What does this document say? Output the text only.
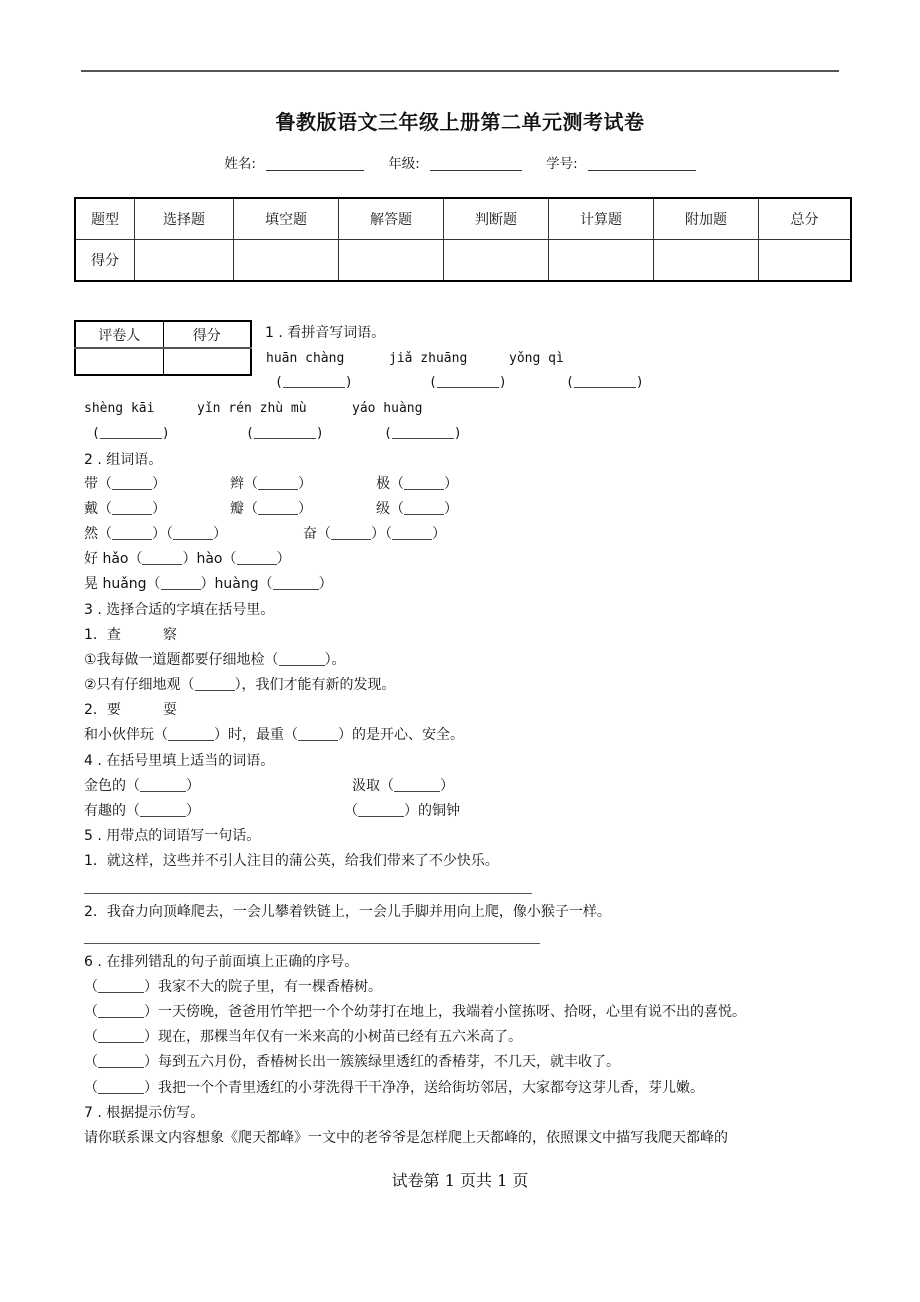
鲁教版语文三年级上册第二单元测考试卷
姓名:	年级:	学号:
题型	选择题	填空题	解答题	判断题	计算题	附加题	总分
得分							
评卷人	得分
		1 . 看拼音写词语。
huān chàng	jiǎ zhuāng	yǒng qì
(	)	(	)	(	)
shèng kāi	yǐn rén zhù mù	yáo huàng
(	)	(	)	(	)
2 . 组词语。
带（	）	辫（	）	极（	）
戴（	）	瓣（	）	级（	）
然（	）（	）	奋（	）（	）
好 hǎo（	）hào（	）
晃 huǎng（	）huàng（	）
3 . 选择合适的字填在括号里。
1．查　　　察
①我每做一道题都要仔细地检（	）。
②只有仔细地观（	），我们才能有新的发现。
2．要　　　耍
和小伙伴玩（	）时，最重（	）的是开心、安全。
4 . 在括号里填上适当的词语。
金色的（	）	汲取（	）
有趣的（	）	（	）的铜钟
5 . 用带点的词语写一句话。
1．就这样，这些并不引人注目的蒲公英，给我们带来了不少快乐。
2．我奋力向顶峰爬去，一会儿攀着铁链上，一会儿手脚并用向上爬，像小猴子一样。
6 . 在排列错乱的句子前面填上正确的序号。
（	）我家不大的院子里，有一棵香椿树。
（	）一天傍晚，爸爸用竹竿把一个个幼芽打在地上，我端着小筐拣呀、拾呀，心里有说不出的喜悦。
（	）现在，那棵当年仅有一米来高的小树苗已经有五六米高了。
（	）每到五六月份，香椿树长出一簇簇绿里透红的香椿芽，不几天，就丰收了。
（	）我把一个个青里透红的小芽洗得干干净净，送给街坊邻居，大家都夸这芽儿香，芽儿嫩。
7 . 根据提示仿写。
请你联系课文内容想象《爬天都峰》一文中的老爷爷是怎样爬上天都峰的，依照课文中描写我爬天都峰的
试卷第 1 页共 1 页
